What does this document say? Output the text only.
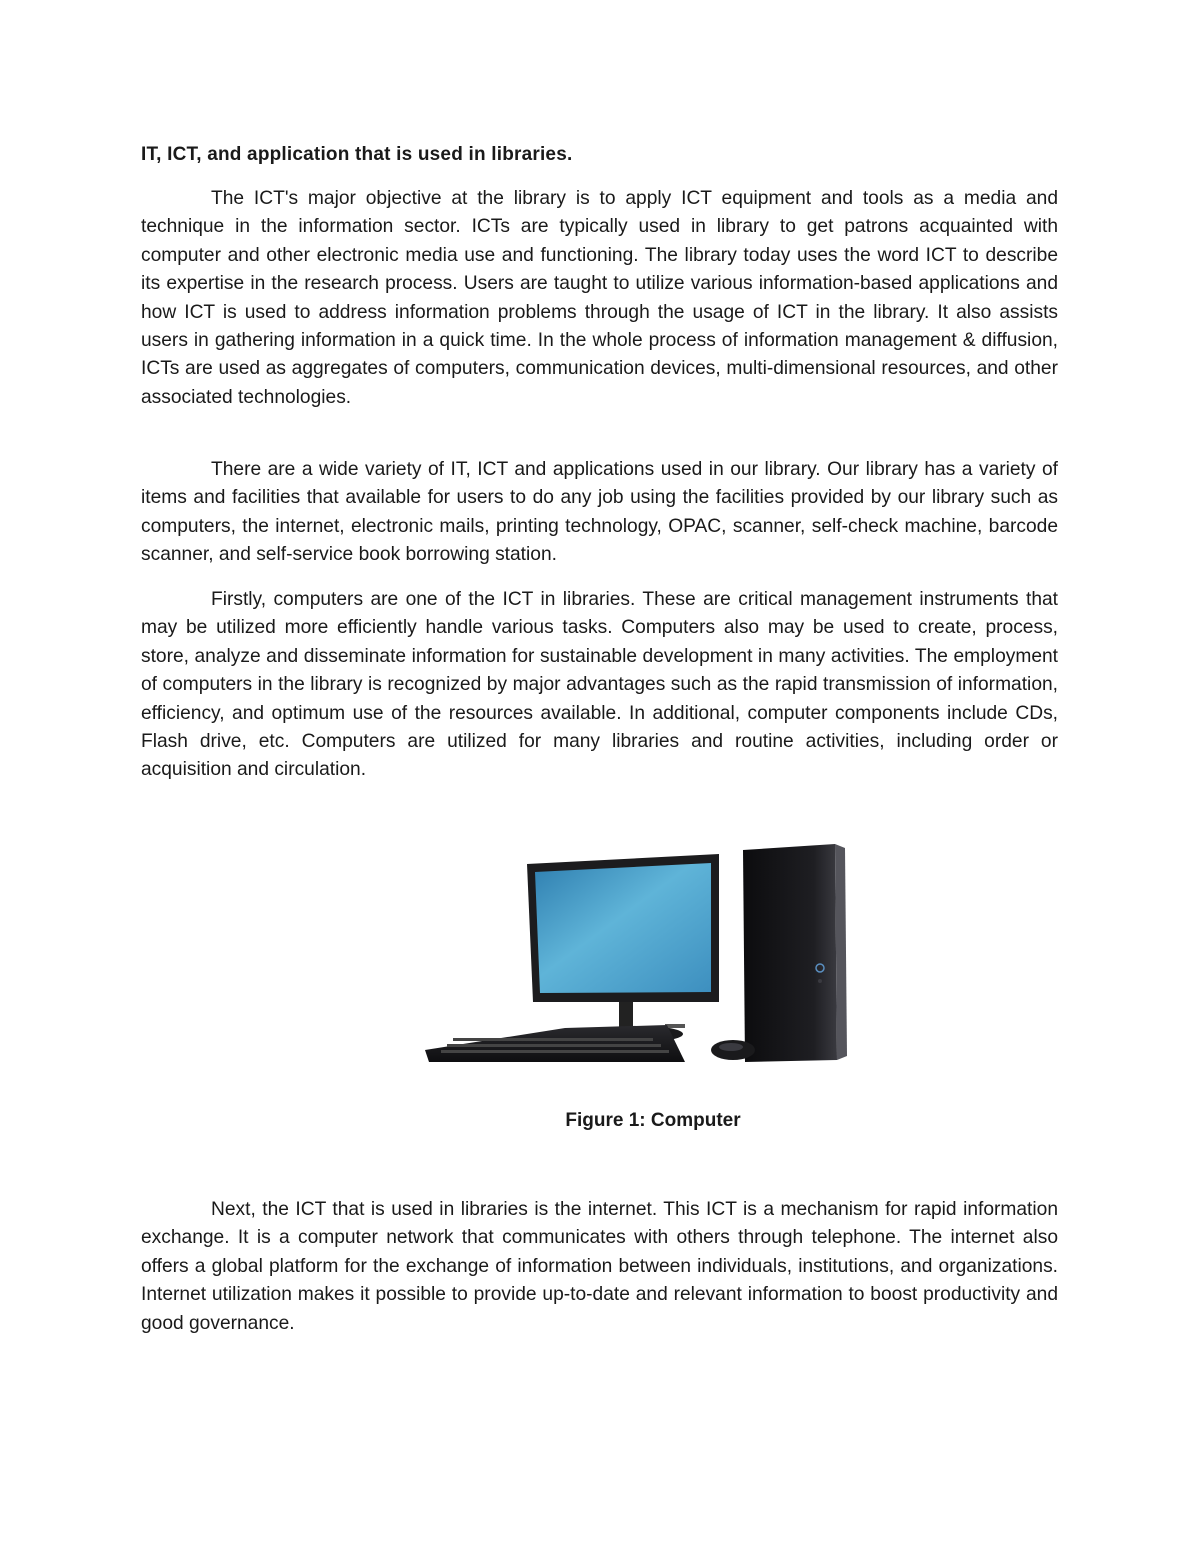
IT, ICT, and application that is used in libraries.

The ICT's major objective at the library is to apply ICT equipment and tools as a media and technique in the information sector. ICTs are typically used in library to get patrons acquainted with computer and other electronic media use and functioning. The library today uses the word ICT to describe its expertise in the research process. Users are taught to utilize various information-based applications and how ICT is used to address information problems through the usage of ICT in the library. It also assists users in gathering information in a quick time. In the whole process of information management & diffusion, ICTs are used as aggregates of computers, communication devices, multi-dimensional resources, and other associated technologies.

There are a wide variety of IT, ICT and applications used in our library. Our library has a variety of items and facilities that available for users to do any job using the facilities provided by our library such as computers, the internet, electronic mails, printing technology, OPAC, scanner, self-check machine, barcode scanner, and self-service book borrowing station.

Firstly, computers are one of the ICT in libraries. These are critical management instruments that may be utilized more efficiently handle various tasks. Computers also may be used to create, process, store, analyze and disseminate information for sustainable development in many activities. The employment of computers in the library is recognized by major advantages such as the rapid transmission of information, efficiency, and optimum use of the resources available. In additional, computer components include CDs, Flash drive, etc. Computers are utilized for many libraries and routine activities, including order or acquisition and circulation.

Next, the ICT that is used in libraries is the internet. This ICT is a mechanism for rapid information exchange. It is a computer network that communicates with others through telephone. The internet also offers a global platform for the exchange of information between individuals, institutions, and organizations. Internet utilization makes it possible to provide up-to-date and relevant information to boost productivity and good governance.

Figure 1: Computer
